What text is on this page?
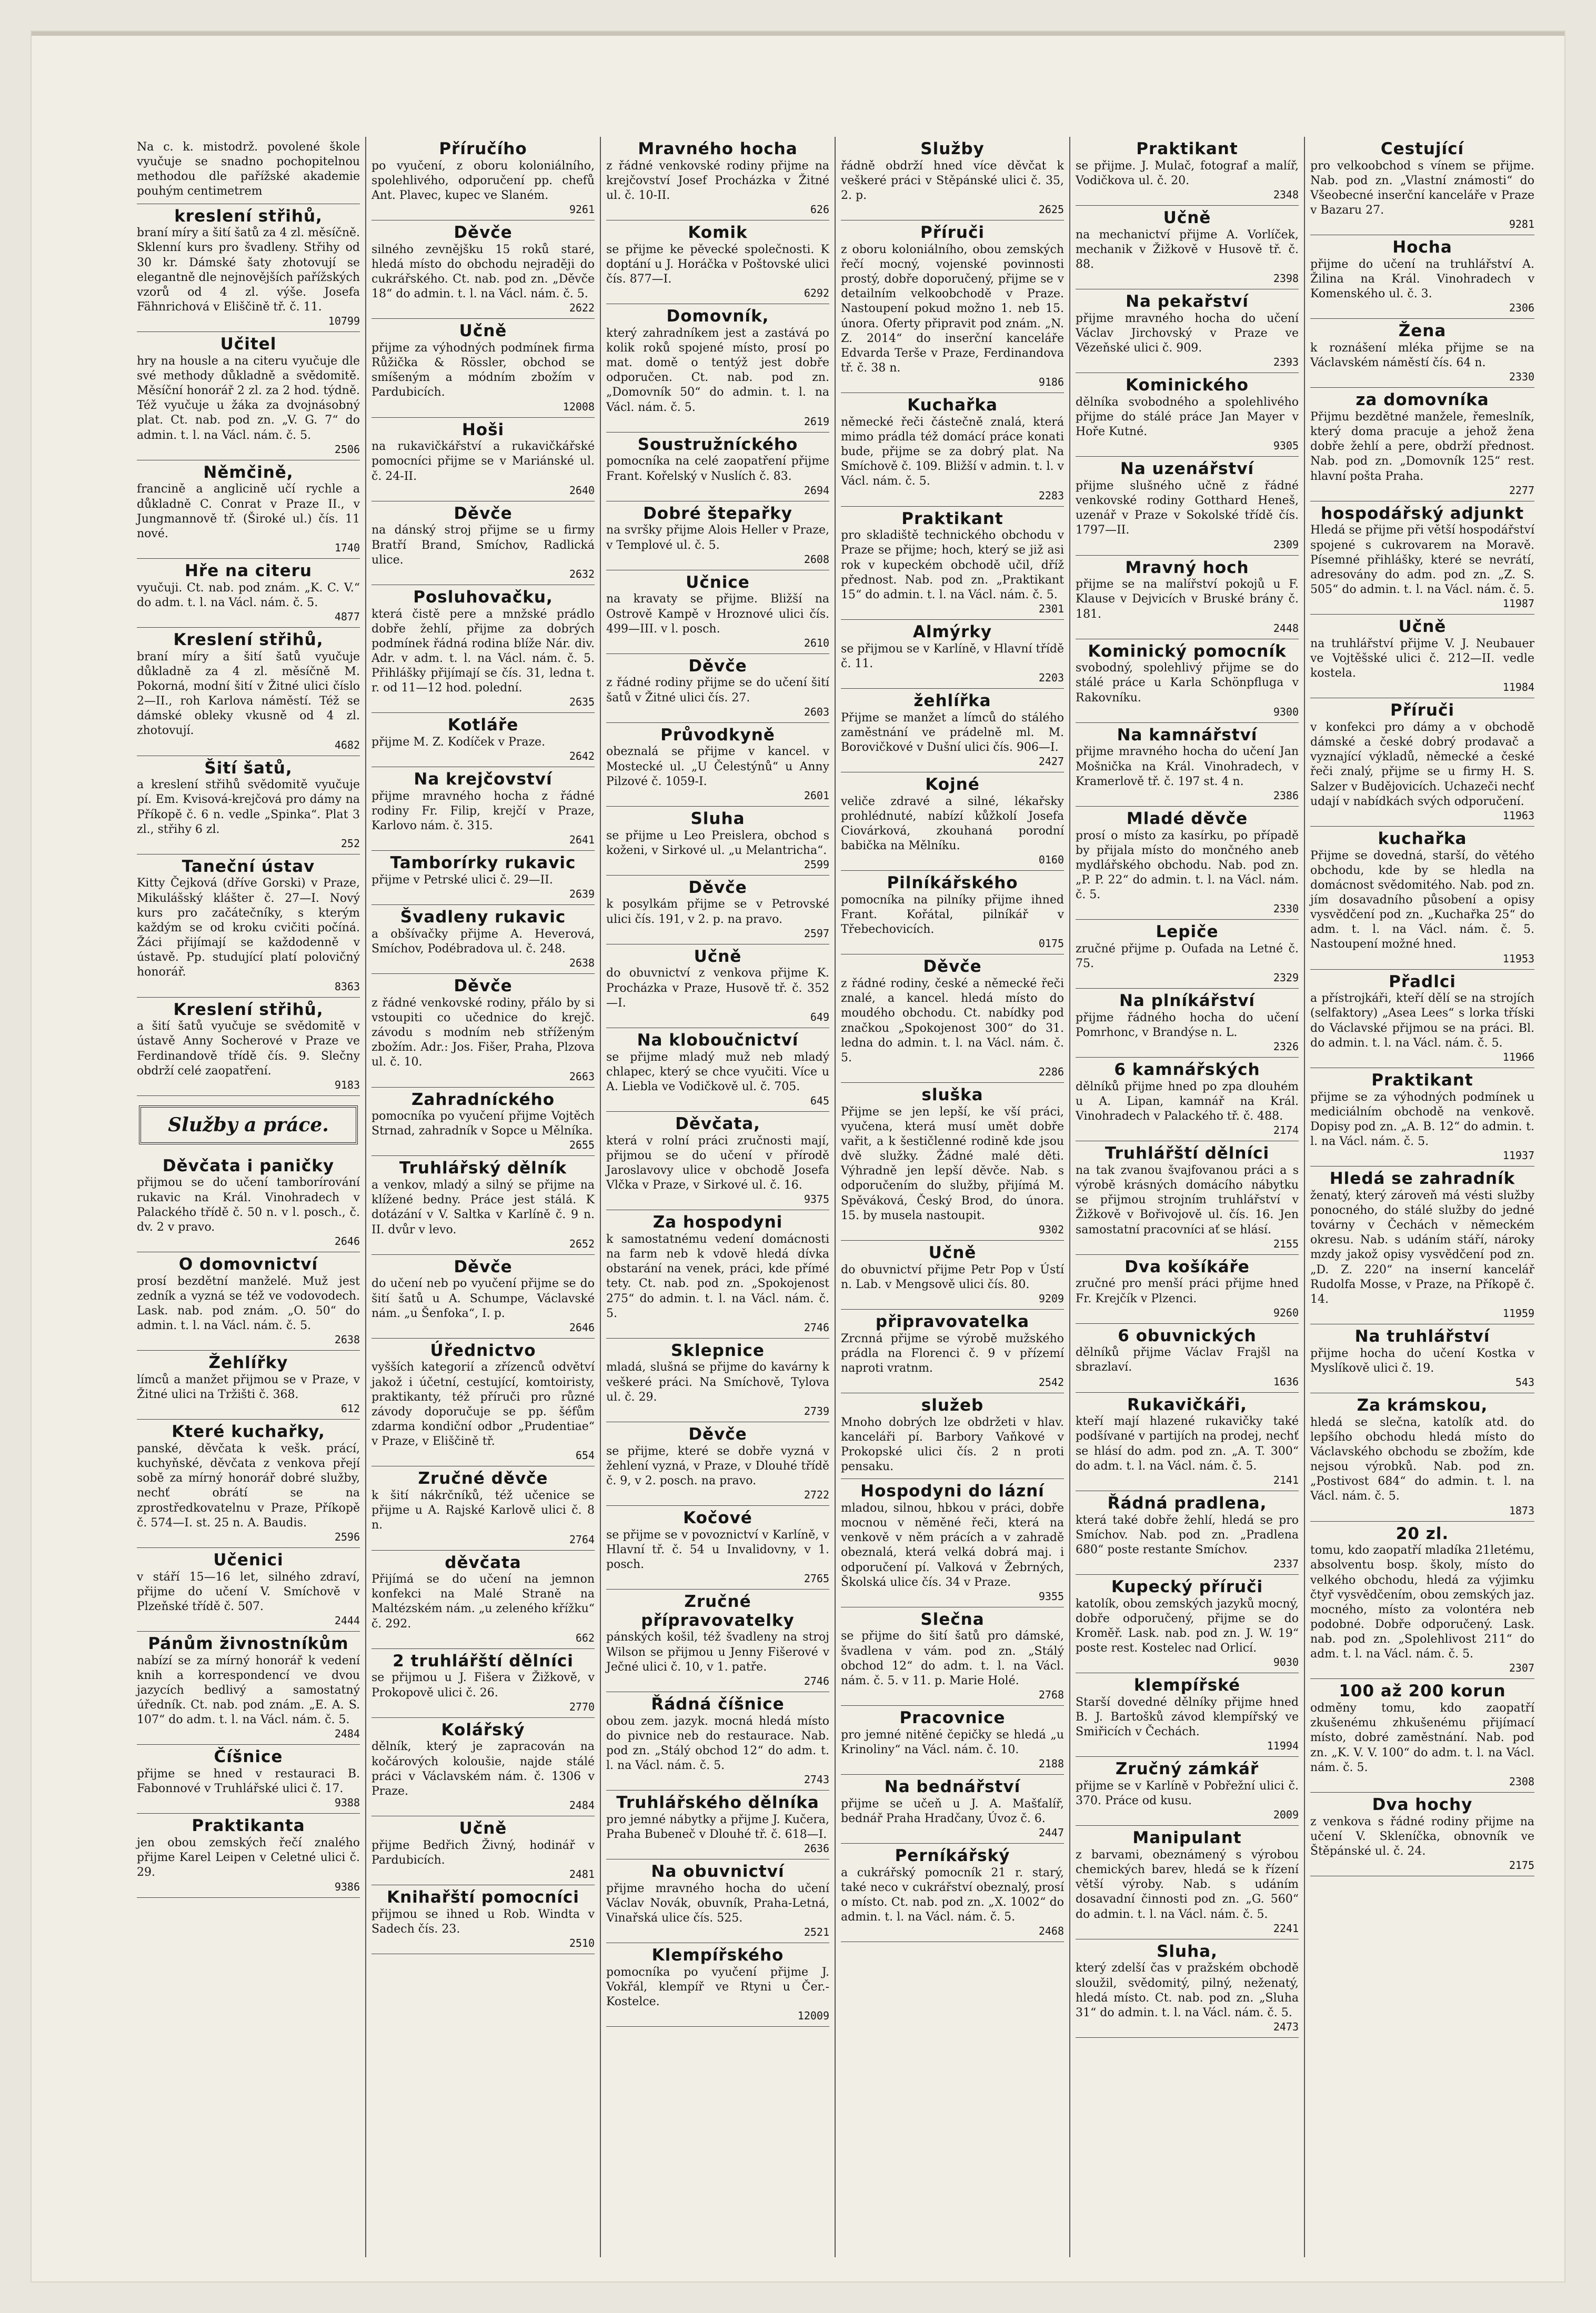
Na c. k. mistodrž. povolené škole vyučuje se snadno pochopitelnou methodou dle pařížské akademie pouhým centimetrem
kreslení střihů,
braní míry a šití šatů za 4 zl. měsíčně. Sklenní kurs pro švadleny. Střihy od 30 kr. Dámské šaty zhotovují se elegantně dle nejnovějších pařížských vzorů od 4 zl. výše. Josefa Fähnrichová v Eliščině tř. č. 11.
10799
Učitel
hry na housle a na citeru vyučuje dle své methody důkladně a svědomitě. Měsíční honorář 2 zl. za 2 hod. týdně. Též vyučuje u žáka za dvojnásobný plat. Ct. nab. pod zn. „V. G. 7“ do admin. t. l. na Václ. nám. č. 5.
2506
Němčině,
francině a anglicině učí rychle a důkladně C. Conrat v Praze II., v Jungmannově tř. (Široké ul.) čís. 11 nové.
1740
Hře na citeru
vyučuji. Ct. nab. pod znám. „K. C. V.“ do adm. t. l. na Václ. nám. č. 5.
4877
Kreslení střihů,
braní míry a šití šatů vyučuje důkladně za 4 zl. měsíčně M. Pokorná, modní šití v Žitné ulici číslo 2—II., roh Karlova náměstí. Též se dámské obleky vkusně od 4 zl. zhotovují.
4682
Šití šatů,
a kreslení střihů svědomitě vyučuje pí. Em. Kvisová-krejčová pro dámy na Příkopě č. 6 n. vedle „Spinka“. Plat 3 zl., střihy 6 zl.
252
Taneční ústav
Kitty Čejková (dříve Gorski) v Praze, Mikulášský klášter č. 27—I. Nový kurs pro začátečníky, s kterým každým se od kroku cvičiti počíná. Žáci přijímají se každodenně v ústavě. Pp. studující platí polovičný honorář.
8363
Kreslení střihů,
a šití šatů vyučuje se svědomitě v ústavě Anny Socherové v Praze ve Ferdinandově třídě čís. 9. Slečny obdrží celé zaopatření.
9183
Služby a práce.
Děvčata i paničky
přijmou se do učení tamborírování rukavic na Král. Vinohradech v Palackého třídě č. 50 n. v l. posch., č. dv. 2 v pravo.
2646
O domovnictví
prosí bezdětní manželé. Muž jest zedník a vyzná se též ve vodovodech. Lask. nab. pod znám. „O. 50“ do admin. t. l. na Václ. nám. č. 5.
2638
Žehlířky
límců a manžet přijmou se v Praze, v Žitné ulici na Tržišti č. 368.
612
Které kuchařky,
panské, děvčata k vešk. prácí, kuchyňské, děvčata z venkova přejí sobě za mírný honorář dobré služby, nechť obrátí se na zprostředkovatelnu v Praze, Příkopě č. 574—I. st. 25 n. A. Baudis.
2596
Učenici
v stáří 15—16 let, silného zdraví, přijme do učení V. Smíchově v Plzeňské třídě č. 507.
2444
Pánům živnostníkům
nabízí se za mírný honorář k vedení knih a korrespondencí ve dvou jazycích bedlivý a samostatný úředník. Ct. nab. pod znám. „E. A. S. 107“ do adm. t. l. na Václ. nám. č. 5.
2484
Číšnice
přijme se hned v restauraci B. Fabonnové v Truhlářské ulici č. 17.
9388
Praktikanta
jen obou zemských řečí znalého přijme Karel Leipen v Celetné ulici č. 29.
9386
Příručího
po vyučení, z oboru koloniálního, spolehlivého, odporučení pp. chefů Ant. Plavec, kupec ve Slaném.
9261
Děvče
silného zevnějšku 15 roků staré, hledá místo do obchodu nejraději do cukrářského. Ct. nab. pod zn. „Děvče 18“ do admin. t. l. na Václ. nám. č. 5.
2622
Učně
přijme za výhodných podmínek firma Růžička & Rössler, obchod se smíšeným a módním zbožím v Pardubicích.
12008
Hoši
na rukavičkářství a rukavičkářské pomocníci přijme se v Mariánské ul. č. 24-II.
2640
Děvče
na dánský stroj přijme se u firmy Bratří Brand, Smíchov, Radlická ulice.
2632
Posluhovačku,
která čistě pere a mnžské prádlo dobře žehlí, přijme za dobrých podmínek řádná rodina blíže Nár. div. Adr. v adm. t. l. na Václ. nám. č. 5. Přihlášky přijímají se čís. 31, ledna t. r. od 11—12 hod. polední.
2635
Kotláře
přijme M. Z. Kodíček v Praze.
2642
Na krejčovství
přijme mravného hocha z řádné rodiny Fr. Filip, krejčí v Praze, Karlovo nám. č. 315.
2641
Tamborírky rukavic
přijme v Petrské ulici č. 29—II.
2639
Švadleny rukavic
a obšívačky přijme A. Heverová, Smíchov, Podébradova ul. č. 248.
2638
Děvče
z řádné venkovské rodiny, přálo by si vstoupiti co učednice do krejč. závodu s modním neb stříženým zbožím. Adr.: Jos. Fišer, Praha, Plzova ul. č. 10.
2663
Zahradníckého
pomocníka po vyučení přijme Vojtěch Strnad, zahradník v Sopce u Mělníka.
2655
Truhlářský dělník
a venkov, mladý a silný se přijme na klížené bedny. Práce jest stálá. K dotázání v V. Saltka v Karlíně č. 9 n. II. dvůr v levo.
2652
Děvče
do učení neb po vyučení přijme se do šití šatů u A. Schumpe, Václavské nám. „u Šenfoka“, I. p.
2646
Úřednictvo
vyšších kategorií a zřízenců odvětví jakož i účetní, cestující, komtoiristy, praktikanty, též příruči pro různé závody doporučuje se pp. šéfům zdarma kondiční odbor „Prudentiae“ v Praze, v Eliščině tř.
654
Zručné děvče
k šití nákrčníků, též učenice se přijme u A. Rajské Karlově ulici č. 8 n.
2764
děvčata
Přijímá se do učení na jemnon konfekci na Malé Straně na Maltézském nám. „u zeleného křížku“ č. 292.
662
2 truhlářští dělníci
se přijmou u J. Fišera v Žižkově, v Prokopově ulici č. 26.
2770
Kolářský
dělník, který je zapracován na kočárových koloušie, najde stálé práci v Václavském nám. č. 1306 v Praze.
2484
Učně
přijme Bedřich Živný, hodinář v Pardubicích.
2481
Knihařští pomocníci
přijmou se ihned u Rob. Windta v Sadech čís. 23.
2510
Mravného hocha
z řádné venkovské rodiny přijme na krejčovství Josef Procházka v Žitné ul. č. 10-II.
626
Komik
se přijme ke pěvecké společnosti. K doptání u J. Horáčka v Poštovské ulici čís. 877—I.
6292
Domovník,
který zahradníkem jest a zastává po kolik roků spojené místo, prosí po mat. domě o tentýž jest dobře odporučen. Ct. nab. pod zn. „Domovník 50“ do admin. t. l. na Václ. nám. č. 5.
2619
Soustružníckého
pomocníka na celé zaopatření přijme Frant. Kořelský v Nuslích č. 83.
2694
Dobré štepařky
na svršky přijme Alois Heller v Praze, v Templové ul. č. 5.
2608
Učnice
na kravaty se přijme. Bližší na Ostrově Kampě v Hroznové ulici čís. 499—III. v l. posch.
2610
Děvče
z řádné rodiny přijme se do učení šití šatů v Žitné ulici čís. 27.
2603
Průvodkyně
obeznalá se přijme v kancel. v Mostecké ul. „U Čelestýnů“ u Anny Pilzové č. 1059-I.
2601
Sluha
se přijme u Leo Preislera, obchod s koženi, v Sirkové ul. „u Melantricha“.
2599
Děvče
k posylkám přijme se v Petrovské ulici čís. 191, v 2. p. na pravo.
2597
Učně
do obuvnictví z venkova přijme K. Procházka v Praze, Husově tř. č. 352—I.
649
Na kloboučnictví
se přijme mladý muž neb mladý chlapec, který se chce vyučiti. Více u A. Liebla ve Vodičkově ul. č. 705.
645
Děvčata,
která v rolní práci zručnosti mají, přijmou se do učení v přírodě Jaroslavovy ulice v obchodě Josefa Vlčka v Praze, v Sirkové ul. č. 16.
9375
Za hospodyni
k samostatnému vedení domácnosti na farm neb k vdově hledá dívka obstarání na venek, práci, kde přímé tety. Ct. nab. pod zn. „Spokojenost 275“ do admin. t. l. na Václ. nám. č. 5.
2746
Sklepnice
mladá, slušná se přijme do kavárny k veškeré práci. Na Smíchově, Tylova ul. č. 29.
2739
Děvče
se přijme, které se dobře vyzná v žehlení vyzná, v Praze, v Dlouhé třídě č. 9, v 2. posch. na pravo.
2722
Kočové
se přijme se v povoznictví v Karlíně, v Hlavní tř. č. 54 u Invalidovny, v 1. posch.
2765
Zručné přípravovatelky
pánských košil, též švadleny na stroj Wilson se přijmou u Jenny Fišerové v Ječné ulici č. 10, v 1. patře.
2746
Řádná číšnice
obou zem. jazyk. mocná hledá místo do pivnice neb do restaurace. Nab. pod zn. „Stálý obchod 12“ do adm. t. l. na Václ. nám. č. 5.
2743
Truhlářského dělníka
pro jemné nábytky a přijme J. Kučera, Praha Bubeneč v Dlouhé tř. č. 618—I.
2636
Na obuvnictví
přijme mravného hocha do učení Václav Novák, obuvník, Praha-Letná, Vinařská ulice čís. 525.
2521
Klempířského
pomocníka po vyučení přijme J. Vokřál, klempíř ve Rtyni u Čer.-Kostelce.
12009
Služby
řádně obdrží hned více děvčat k veškeré práci v Stěpánské ulici č. 35, 2. p.
2625
Příruči
z oboru koloniálního, obou zemských řečí mocný, vojenské povinnosti prostý, dobře doporučený, přijme se v detailním velkoobchodě v Praze. Nastoupení pokud možno 1. neb 15. února. Oferty připravit pod znám. „N. Z. 2014“ do inserční kanceláře Edvarda Terše v Praze, Ferdinandova tř. č. 38 n.
9186
Kuchařka
německé řeči částečně znalá, která mimo prádla též domácí práce konati bude, přijme se za dobrý plat. Na Smíchově č. 109. Bližší v admin. t. l. v Václ. nám. č. 5.
2283
Praktikant
pro skladiště technického obchodu v Praze se přijme; hoch, který se již asi rok v kupeckém obchodě učil, dříž přednost. Nab. pod zn. „Praktikant 15“ do admin. t. l. na Václ. nám. č. 5.
2301
Almýrky
se přijmou se v Karlíně, v Hlavní třídě č. 11.
2203
žehlířka
Přijme se manžet a límců do stálého zaměstnání ve prádelně ml. M. Borovičkové v Dušní ulici čís. 906—I.
2427
Kojné
veliče zdravé a silné, lékařsky prohlédnuté, nabízí kůžkolí Josefa Ciovárková, zkouhaná porodní babička na Mělníku.
0160
Pilníkářského
pomocníka na pilníky přijme ihned Frant. Kořátal, pilníkář v Třebechovicích.
0175
Děvče
z řádné rodiny, české a německé řeči znalé, a kancel. hledá místo do moudého obchodu. Ct. nabídky pod značkou „Spokojenost 300“ do 31. ledna do admin. t. l. na Václ. nám. č. 5.
2286
sluška
Přijme se jen lepší, ke vší práci, vyučena, která musí umět dobře vařit, a k šestičlenné rodině kde jsou dvě služky. Žádné malé děti. Výhradně jen lepší děvče. Nab. s odporučením do služby, přijímá M. Spěváková, Český Brod, do února. 15. by musela nastoupit.
9302
Učně
do obuvnictví přijme Petr Pop v Ústí n. Lab. v Mengsově ulici čís. 80.
9209
připravovatelka
Zrcnná přijme se výrobě mužského prádla na Florenci č. 9 v přízemí naproti vratnm.
2542
služeb
Mnoho dobrých lze obdržeti v hlav. kanceláři pí. Barbory Vaňkové v Prokopské ulici čís. 2 n proti pensaku.
Hospodyni do lázní
mladou, silnou, hbkou v práci, dobře mocnou v něměné řeči, která na venkově v něm prácích a v zahradě obeznalá, která velká dobrá maj. i odporučení pí. Valková v Žebrných, Školská ulice čís. 34 v Praze.
9355
Slečna
se přijme do šití šatů pro dámské, švadlena v vám. pod zn. „Stálý obchod 12“ do adm. t. l. na Václ. nám. č. 5. v 11. p. Marie Holé.
2768
Pracovnice
pro jemné nitěné čepičky se hledá „u Krinoliny“ na Václ. nám. č. 10.
2188
Na bednářství
přijme se učeň u J. A. Mašťalíř, bednář Praha Hradčany, Úvoz č. 6.
2447
Perníkářský
a cukrářský pomocník 21 r. starý, také neco v cukrářství obeznalý, prosí o místo. Ct. nab. pod zn. „X. 1002“ do admin. t. l. na Václ. nám. č. 5.
2468
Praktikant
se přijme. J. Mulač, fotograf a malíř, Vodičkova ul. č. 20.
2348
Učně
na mechanictví přijme A. Vorlíček, mechanik v Žižkově v Husově tř. č. 88.
2398
Na pekařství
přijme mravného hocha do učení Václav Jirchovský v Praze ve Vězeňské ulici č. 909.
2393
Kominického
dělníka svobodného a spolehlivého přijme do stálé práce Jan Mayer v Hoře Kutné.
9305
Na uzenářství
přijme slušného učně z řádné venkovské rodiny Gotthard Heneš, uzenář v Praze v Sokolské třídě čís. 1797—II.
2309
Mravný hoch
přijme se na malířství pokojů u F. Klause v Dejvicích v Bruské brány č. 181.
2448
Kominický pomocník
svobodný, spolehlivý přijme se do stálé práce u Karla Schönpfluga v Rakovníku.
9300
Na kamnářství
přijme mravného hocha do učení Jan Mošnička na Král. Vinohradech, v Kramerlově tř. č. 197 st. 4 n.
2386
Mladé děvče
prosí o místo za kasírku, po případě by přijala místo do mončného aneb mydlářského obchodu. Nab. pod zn. „P. P. 22“ do admin. t. l. na Václ. nám. č. 5.
2330
Lepiče
zručné přijme p. Oufada na Letné č. 75.
2329
Na plníkářství
přijme řádného hocha do učení Pomrhonc, v Brandýse n. L.
2326
6 kamnářských
dělníků přijme hned po zpa dlouhém u A. Lipan, kamnář na Král. Vinohradech v Palackého tř. č. 488.
2174
Truhlářští dělníci
na tak zvanou švajfovanou práci a s výrobě krásných domácího nábytku se přijmou strojním truhlářství v Žižkově v Bořivojově ul. čís. 16. Jen samostatní pracovníci ať se hlásí.
2155
Dva košíkáře
zručné pro menší práci přijme hned Fr. Krejčík v Plzenci.
9260
6 obuvnických
dělníků přijme Václav Frajšl na sbrazlaví.
1636
Rukavičkáři,
kteří mají hlazené rukavičky také podšívané v partijích na prodej, nechť se hlásí do adm. pod zn. „A. T. 300“ do adm. t. l. na Václ. nám. č. 5.
2141
Řádná pradlena,
která také dobře žehlí, hledá se pro Smíchov. Nab. pod zn. „Pradlena 680“ poste restante Smíchov.
2337
Kupecký příruči
katolík, obou zemských jazyků mocný, dobře odporučený, přijme se do Kroměř. Lask. nab. pod zn. J. W. 19“ poste rest. Kostelec nad Orlicí.
9030
klempířské
Starší dovedné dělníky přijme hned B. J. Bartošků závod klempířský ve Smiřicích v Čechách.
11994
Zručný zámkář
přijme se v Karlíně v Pobřežní ulici č. 370. Práce od kusu.
2009
Manipulant
z barvami, obeznámený s výrobou chemických barev, hledá se k řízení větší výroby. Nab. s udáním dosavadní činnosti pod zn. „G. 560“ do admin. t. l. na Václ. nám. č. 5.
2241
Sluha,
který zdelší čas v pražském obchodě sloužil, svědomitý, pilný, neženatý, hledá místo. Ct. nab. pod zn. „Sluha 31“ do admin. t. l. na Václ. nám. č. 5.
2473
Cestující
pro velkoobchod s vínem se přijme. Nab. pod zn. „Vlastní známosti“ do Všeobecné inserční kanceláře v Praze v Bazaru 27.
9281
Hocha
přijme do učení na truhlářství A. Žilina na Král. Vinohradech v Komenského ul. č. 3.
2306
Žena
k roznášení mléka přijme se na Václavském náměstí čís. 64 n.
2330
za domovníka
Přijmu bezdětné manžele, řemeslník, který doma pracuje a jehož žena dobře žehlí a pere, obdrží přednost. Nab. pod zn. „Domovník 125“ rest. hlavní pošta Praha.
2277
hospodářský adjunkt
Hledá se přijme při větší hospodářství spojené s cukrovarem na Moravě. Písemné přihlášky, které se nevrátí, adresovány do adm. pod zn. „Z. S. 505“ do admin. t. l. na Václ. nám. č. 5.
11987
Učně
na truhlářství přijme V. J. Neubauer ve Vojtěšské ulici č. 212—II. vedle kostela.
11984
Příruči
v konfekci pro dámy a v obchodě dámské a české dobrý prodavač a vyznající výkladů, německé a české řeči znalý, přijme se u firmy H. S. Salzer v Budějovicích. Uchazeči nechť udají v nabídkách svých odporučení.
11963
kuchařka
Přijme se dovedná, starší, do větého obchodu, kde by se hledla na domácnost svědomitého. Nab. pod zn. jím dosavadního působení a opisy vysvědčení pod zn. „Kuchařka 25“ do adm. t. l. na Václ. nám. č. 5. Nastoupení možné hned.
11953
Přadlci
a přístrojkáři, kteří dělí se na strojích (selfaktory) „Asea Lees“ s lorka tříski do Václavské přijmou se na práci. Bl. do admin. t. l. na Václ. nám. č. 5.
11966
Praktikant
přijme se za výhodných podmínek u mediciálním obchodě na venkově. Dopisy pod zn. „A. B. 12“ do admin. t. l. na Václ. nám. č. 5.
11937
Hledá se zahradník
ženatý, který zároveň má vésti služby ponocného, do stálé služby do jedné továrny v Čechách v německém okresu. Nab. s udáním stáří, nároky mzdy jakož opisy vysvědčení pod zn. „D. Z. 220“ na inserní kancelář Rudolfa Mosse, v Praze, na Příkopě č. 14.
11959
Na truhlářství
přijme hocha do učení Kostka v Myslíkově ulici č. 19.
543
Za krámskou,
hledá se slečna, katolík atd. do lepšího obchodu hledá místo do Václavského obchodu se zbožím, kde nejsou výrobků. Nab. pod zn. „Postivost 684“ do admin. t. l. na Václ. nám. č. 5.
1873
20 zl.
tomu, kdo zaopatří mladíka 21letému, absolventu bosp. školy, místo do velkého obchodu, hledá za výjimku čtyř vysvědčením, obou zemských jaz. mocného, místo za volontéra neb podobné. Dobře odporučený. Lask. nab. pod zn. „Spolehlivost 211“ do adm. t. l. na Václ. nám. č. 5.
2307
100 až 200 korun
odměny tomu, kdo zaopatří zkušenému zhkušenému přijímací místo, dobré zaměstnání. Nab. pod zn. „K. V. V. 100“ do adm. t. l. na Václ. nám. č. 5.
2308
Dva hochy
z venkova s řádné rodiny přijme na učení V. Skleníčka, obnovník ve Štěpánské ul. č. 24.
2175
